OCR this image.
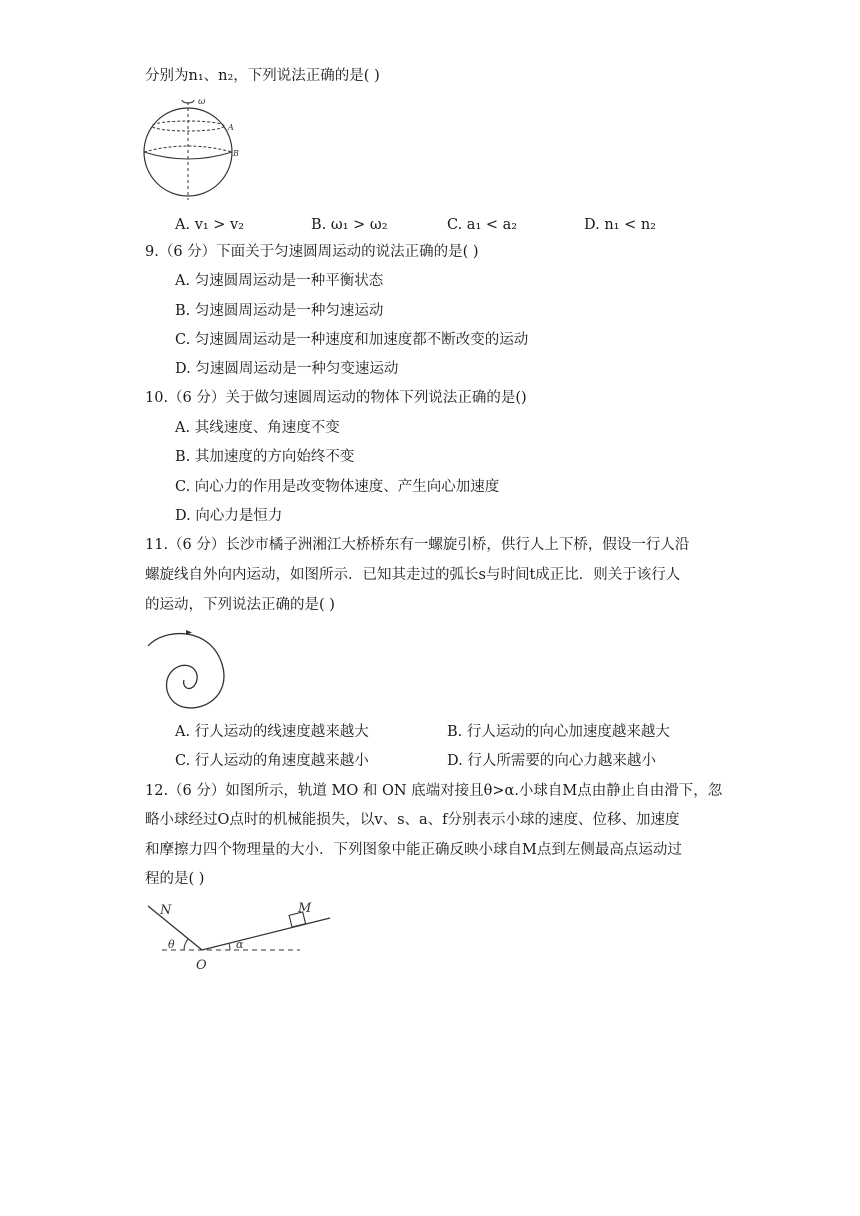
分别为n₁、n₂，下列说法正确的是( )
ω
A
B
A. v₁ > v₂	B. ω₁ > ω₂	C. a₁ < a₂	D. n₁ < n₂
9.（6 分）下面关于匀速圆周运动的说法正确的是( )
A. 匀速圆周运动是一种平衡状态
B. 匀速圆周运动是一种匀速运动
C. 匀速圆周运动是一种速度和加速度都不断改变的运动
D. 匀速圆周运动是一种匀变速运动
10.（6 分）关于做匀速圆周运动的物体下列说法正确的是()
A. 其线速度、角速度不变
B. 其加速度的方向始终不变
C. 向心力的作用是改变物体速度、产生向心加速度
D. 向心力是恒力
11.（6 分）长沙市橘子洲湘江大桥桥东有一螺旋引桥，供行人上下桥，假设一行人沿
螺旋线自外向内运动，如图所示．已知其走过的弧长s与时间t成正比．则关于该行人
的运动，下列说法正确的是( )
A. 行人运动的线速度越来越大	B. 行人运动的向心加速度越来越大
C. 行人运动的角速度越来越小	D. 行人所需要的向心力越来越小
12.（6 分）如图所示，轨道 MO 和 ON 底端对接且θ>α.小球自M点由静止自由滑下，忽
略小球经过O点时的机械能损失，以v、s、a、f分别表示小球的速度、位移、加速度
和摩擦力四个物理量的大小．下列图象中能正确反映小球自M点到左侧最高点运动过
程的是( )
N	M
O
θ	α
